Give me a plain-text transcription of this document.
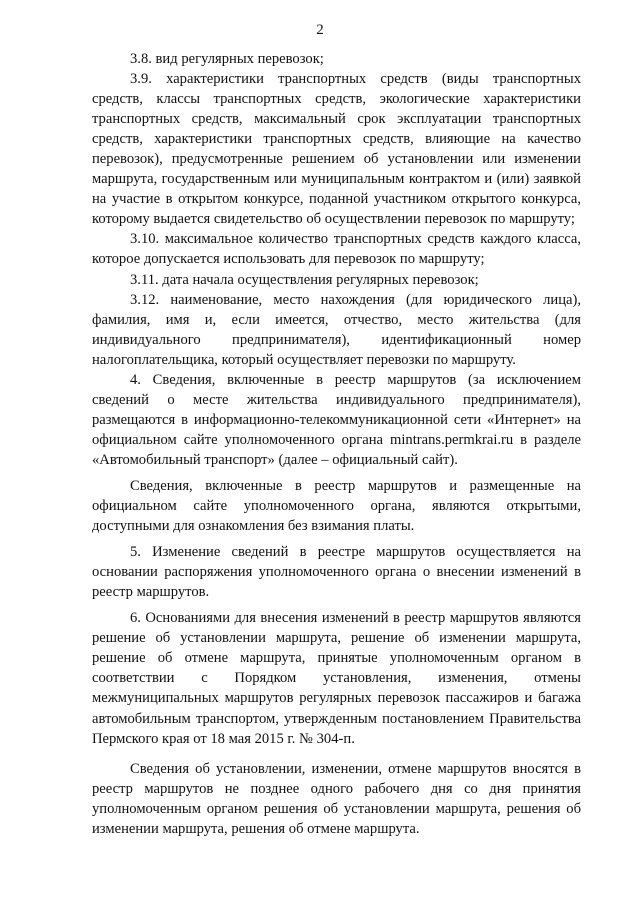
2

3.8. вид регулярных перевозок;

3.9. характеристики транспортных средств (виды транспортных средств, классы транспортных средств, экологические характеристики транспортных средств, максимальный срок эксплуатации транспортных средств, характеристики транспортных средств, влияющие на качество перевозок), предусмотренные решением об установлении или изменении маршрута, государственным или муниципальным контрактом и (или) заявкой на участие в открытом конкурсе, поданной участником открытого конкурса, которому выдается свидетельство об осуществлении перевозок по маршруту;

3.10. максимальное количество транспортных средств каждого класса, которое допускается использовать для перевозок по маршруту;

3.11. дата начала осуществления регулярных перевозок;

3.12. наименование, место нахождения (для юридического лица), фамилия, имя и, если имеется, отчество, место жительства (для индивидуального предпринимателя), идентификационный номер налогоплательщика, который осуществляет перевозки по маршруту.

4. Сведения, включенные в реестр маршрутов (за исключением сведений о месте жительства индивидуального предпринимателя), размещаются в информационно-телекоммуникационной сети «Интернет» на официальном сайте уполномоченного органа mintrans.permkrai.ru в разделе «Автомобильный транспорт» (далее – официальный сайт).

Сведения, включенные в реестр маршрутов и размещенные на официальном сайте уполномоченного органа, являются открытыми, доступными для ознакомления без взимания платы.

5. Изменение сведений в реестре маршрутов осуществляется на основании распоряжения уполномоченного органа о внесении изменений в реестр маршрутов.

6. Основаниями для внесения изменений в реестр маршрутов являются решение об установлении маршрута, решение об изменении маршрута, решение об отмене маршрута, принятые уполномоченным органом в соответствии с Порядком установления, изменения, отмены межмуниципальных маршрутов регулярных перевозок пассажиров и багажа автомобильным транспортом, утвержденным постановлением Правительства Пермского края от 18 мая 2015 г. № 304-п.

Сведения об установлении, изменении, отмене маршрутов вносятся в реестр маршрутов не позднее одного рабочего дня со дня принятия уполномоченным органом решения об установлении маршрута, решения об изменении маршрута, решения об отмене маршрута.
